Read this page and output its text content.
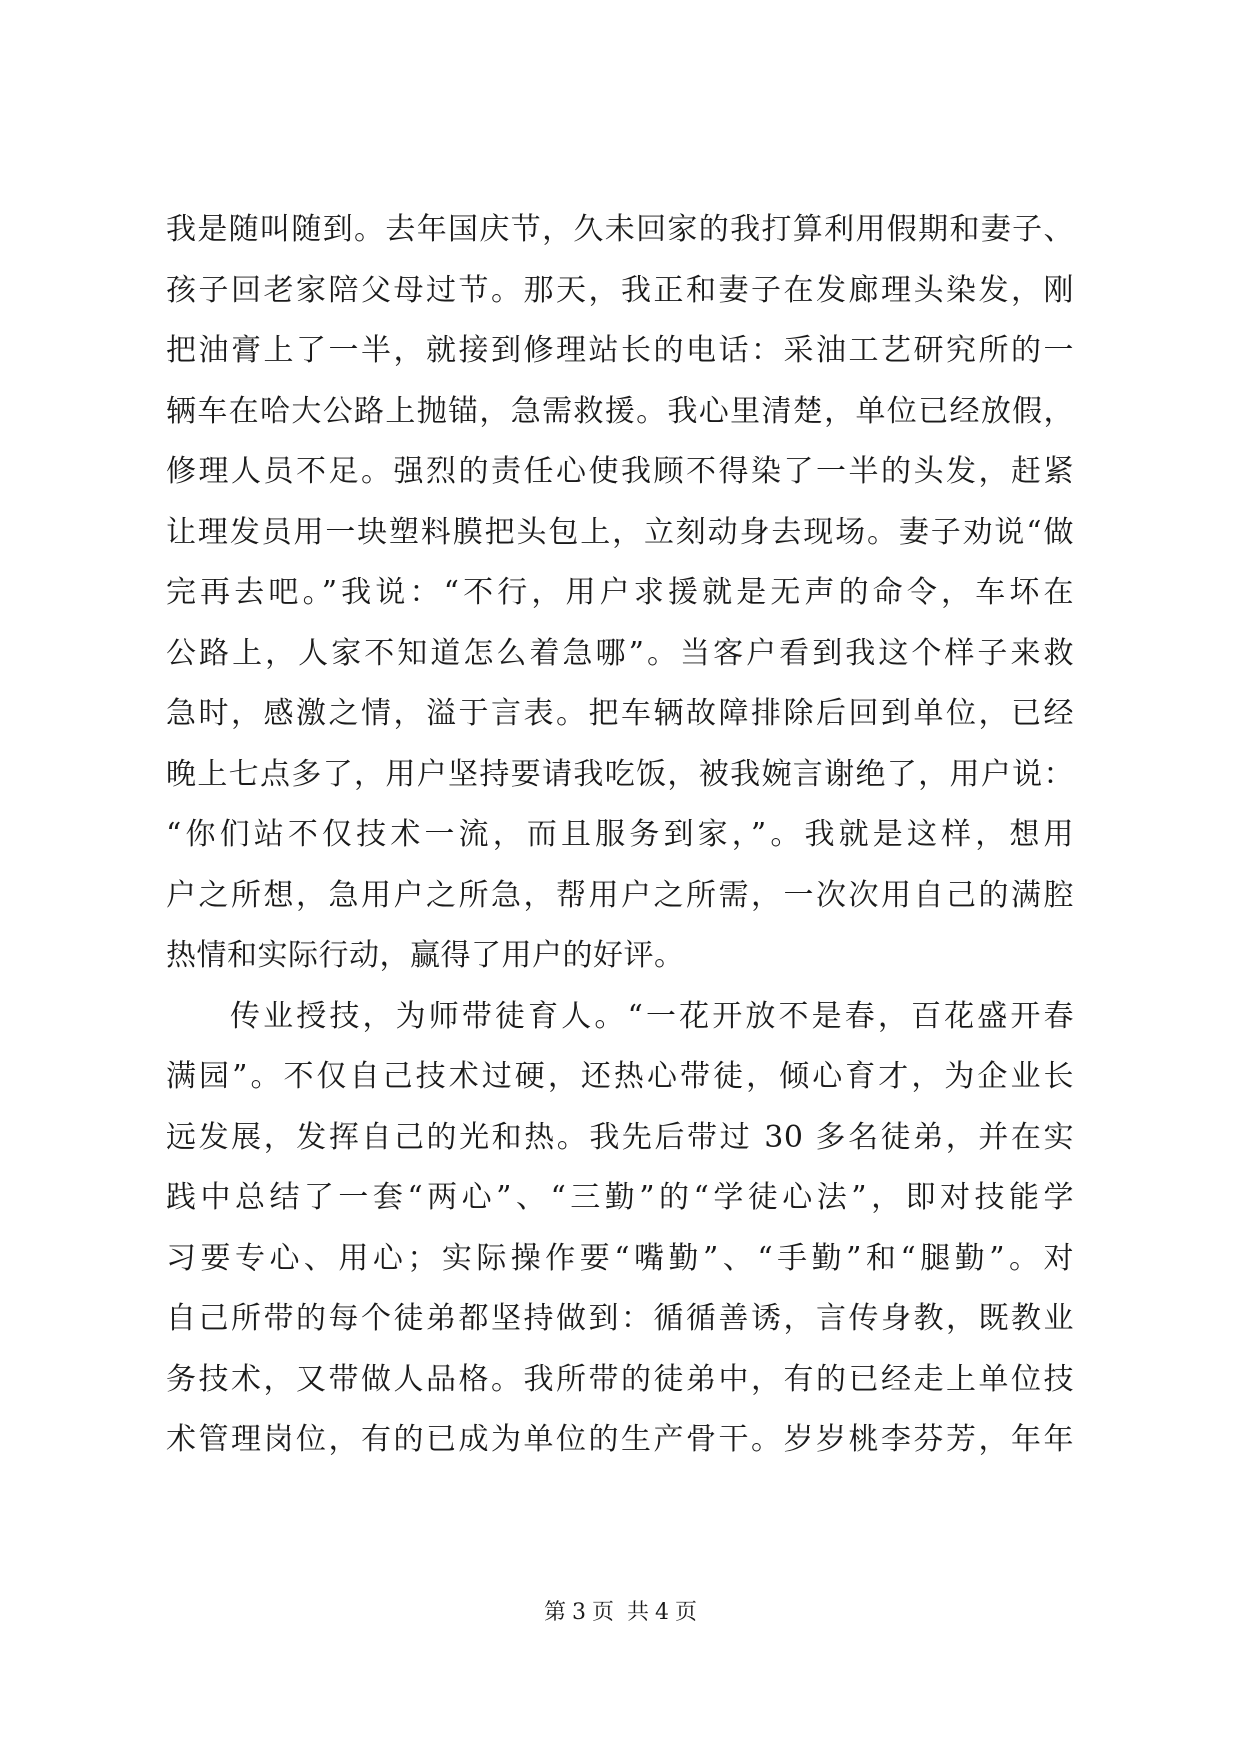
我是随叫随到。去年国庆节，久未回家的我打算利用假期和妻子、
孩子回老家陪父母过节。那天，我正和妻子在发廊理头染发，刚
把油膏上了一半，就接到修理站长的电话：采油工艺研究所的一
辆车在哈大公路上抛锚，急需救援。我心里清楚，单位已经放假，
修理人员不足。强烈的责任心使我顾不得染了一半的头发，赶紧
让理发员用一块塑料膜把头包上，立刻动身去现场。妻子劝说“做
完再去吧。”我说：“不行，用户求援就是无声的命令，车坏在
公路上，人家不知道怎么着急哪”。当客户看到我这个样子来救
急时，感激之情，溢于言表。把车辆故障排除后回到单位，已经
晚上七点多了，用户坚持要请我吃饭，被我婉言谢绝了，用户说：
“你们站不仅技术一流，而且服务到家，”。我就是这样，想用
户之所想，急用户之所急，帮用户之所需，一次次用自己的满腔
热情和实际行动，赢得了用户的好评。
传业授技，为师带徒育人。“一花开放不是春，百花盛开春
满园”。不仅自己技术过硬，还热心带徒，倾心育才，为企业长
远发展，发挥自己的光和热。我先后带过 30 多名徒弟，并在实
践中总结了一套“两心”、“三勤”的“学徒心法”，即对技能学
习要专心、用心；实际操作要“嘴勤”、“手勤”和“腿勤”。对
自己所带的每个徒弟都坚持做到：循循善诱，言传身教，既教业
务技术，又带做人品格。我所带的徒弟中，有的已经走上单位技
术管理岗位，有的已成为单位的生产骨干。岁岁桃李芬芳，年年
第 3 页 共 4 页
